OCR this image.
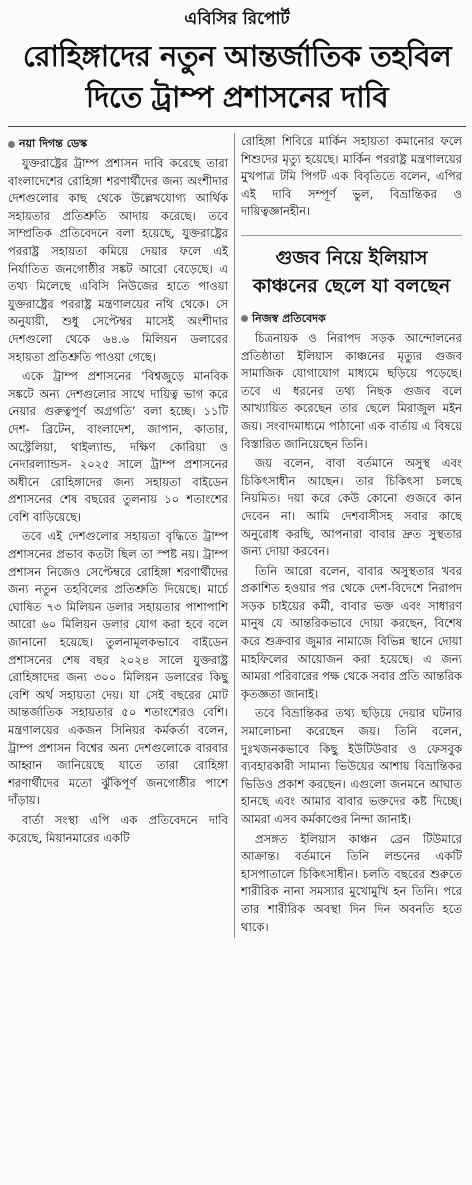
এবিসির রিপোর্ট
রোহিঙ্গাদের নতুন আন্তর্জাতিক তহবিল
দিতে ট্রাম্প প্রশাসনের দাবি
নয়া দিগন্ত ডেস্ক

যুক্তরাষ্ট্রের ট্রাম্প প্রশাসন দাবি করেছে তারা বাংলাদেশের রোহিঙ্গা শরণার্থীদের জন্য অংশীদার দেশগুলোর কাছ থেকে উল্লেখযোগ্য আর্থিক সহায়তার প্রতিশ্রুতি আদায় করেছে। তবে সাম্প্রতিক প্রতিবেদনে বলা হয়েছে, যুক্তরাষ্ট্রের পররাষ্ট্র সহায়তা কমিয়ে দেয়ার ফলে এই নির্যাতিত জনগোষ্ঠীর সঙ্কট আরো বেড়েছে। এ তথ্য মিলেছে এবিসি নিউজের হাতে পাওয়া যুক্তরাষ্ট্রের পররাষ্ট্র মন্ত্রণালয়ের নথি থেকে। সে অনুযায়ী, শুধু সেপ্টেম্বর মাসেই অংশীদার দেশগুলো থেকে ৬৪.৬ মিলিয়ন ডলারের সহায়তা প্রতিশ্রুতি পাওয়া গেছে।

একে ট্রাম্প প্রশাসনের ‘বিশ্বজুড়ে মানবিক সঙ্কটে অন্য দেশগুলোর সাথে দায়িত্ব ভাগ করে নেয়ার গুরুত্বপূর্ণ অগ্রগতি’ বলা হচ্ছে। ১১টি দেশ- ব্রিটেন, বাংলাদেশ, জাপান, কাতার, অস্ট্রেলিয়া, থাইল্যান্ড, দক্ষিণ কোরিয়া ও নেদারল্যান্ডস- ২০২৫ সালে ট্রাম্প প্রশাসনের অধীনে রোহিঙ্গাদের জন্য সহায়তা বাইডেন প্রশাসনের শেষ বছরের তুলনায় ১০ শতাংশের বেশি বাড়িয়েছে।

তবে এই দেশগুলোর সহায়তা বৃদ্ধিতে ট্রাম্প প্রশাসনের প্রভাব কতটা ছিল তা স্পষ্ট নয়। ট্রাম্প প্রশাসন নিজেও সেপ্টেম্বরে রোহিঙ্গা শরণার্থীদের জন্য নতুন তহবিলের প্রতিশ্রুতি দিয়েছে। মার্চে ঘোষিত ৭৩ মিলিয়ন ডলার সহায়তার পাশাপাশি আরো ৬০ মিলিয়ন ডলার যোগ করা হবে বলে জানানো হয়েছে। তুলনামূলকভাবে বাইডেন প্রশাসনের শেষ বছর ২০২৪ সালে যুক্তরাষ্ট্র রোহিঙ্গাদের জন্য ৩০০ মিলিয়ন ডলারের কিছু বেশি অর্থ সহায়তা দেয়। যা সেই বছরের মোট আন্তর্জাতিক সহায়তার ৫০ শতাংশেরও বেশি। মন্ত্রণালয়ের একজন সিনিয়র কর্মকর্তা বলেন, ট্রাম্প প্রশাসন বিশ্বের অন্য দেশগুলোকে বারবার আহ্বান জানিয়েছে যাতে তারা রোহিঙ্গা শরণার্থীদের মতো ঝুঁকিপূর্ণ জনগোষ্ঠীর পাশে দাঁড়ায়।

বার্তা সংস্থা এপি এক প্রতিবেদনে দাবি করেছে, মিয়ানমারের একটি

রোহিঙ্গা শিবিরে মার্কিন সহায়তা কমানোর ফলে শিশুদের মৃত্যু হয়েছে। মার্কিন পররাষ্ট্র মন্ত্রণালয়ের মুখপাত্র টমি পিগট এক বিবৃতিতে বলেন, এপির এই দাবি সম্পূর্ণ ভুল, বিভ্রান্তিকর ও দায়িত্বজ্ঞানহীন।

গুজব নিয়ে ইলিয়াস কাঞ্চনের ছেলে যা বলছেন
নিজস্ব প্রতিবেদক

চিত্রনায়ক ও নিরাপদ সড়ক আন্দোলনের প্রতিষ্ঠাতা ইলিয়াস কাঞ্চনের মৃত্যুর গুজব সামাজিক যোগাযোগ মাধ্যমে ছড়িয়ে পড়েছে। তবে এ ধরনের তথ্য নিছক গুজব বলে আখ্যায়িত করেছেন তার ছেলে মিরাজুল মইন জয়। সংবাদমাধ্যমে পাঠানো এক বার্তায় এ বিষয়ে বিস্তারিত জানিয়েছেন তিনি।

জয় বলেন, বাবা বর্তমানে অসুস্থ এবং চিকিৎসাধীন আছেন। তার চিকিৎসা চলছে নিয়মিত। দয়া করে কেউ কোনো গুজবে কান দেবেন না। আমি দেশবাসীসহ সবার কাছে অনুরোধ করছি, আপনারা বাবার দ্রুত সুস্থতার জন্য দোয়া করবেন।

তিনি আরো বলেন, বাবার অসুস্থতার খবর প্রকাশিত হওয়ার পর থেকে দেশ-বিদেশে নিরাপদ সড়ক চাইয়ের কর্মী, বাবার ভক্ত এবং সাধারণ মানুষ যে আন্তরিকভাবে দোয়া করছেন, বিশেষ করে শুক্রবার জুমার নামাজে বিভিন্ন স্থানে দোয়া মাহফিলের আয়োজন করা হয়েছে। এ জন্য আমরা পরিবারের পক্ষ থেকে সবার প্রতি আন্তরিক কৃতজ্ঞতা জানাই।

তবে বিভ্রান্তিকর তথ্য ছড়িয়ে দেয়ার ঘটনার সমালোচনা করেছেন জয়। তিনি বলেন, দুঃখজনকভাবে কিছু ইউটিউবার ও ফেসবুক ব্যবহারকারী সামান্য ভিউয়ের আশায় বিভ্রান্তিকর ভিডিও প্রকাশ করছেন। এগুলো জনমনে আঘাত হানছে এবং আমার বাবার ভক্তদের কষ্ট দিচ্ছে। আমরা এসব কর্মকাণ্ডের নিন্দা জানাই।

প্রসঙ্গত ইলিয়াস কাঞ্চন ব্রেন টিউমারে আক্রান্ত। বর্তমানে তিনি লন্ডনের একটি হাসপাতালে চিকিৎসাধীন। চলতি বছরের শুরুতে শারীরিক নানা সমস্যার মুখোমুখি হন তিনি। পরে তার শারীরিক অবস্থা দিন দিন অবনতি হতে থাকে।
